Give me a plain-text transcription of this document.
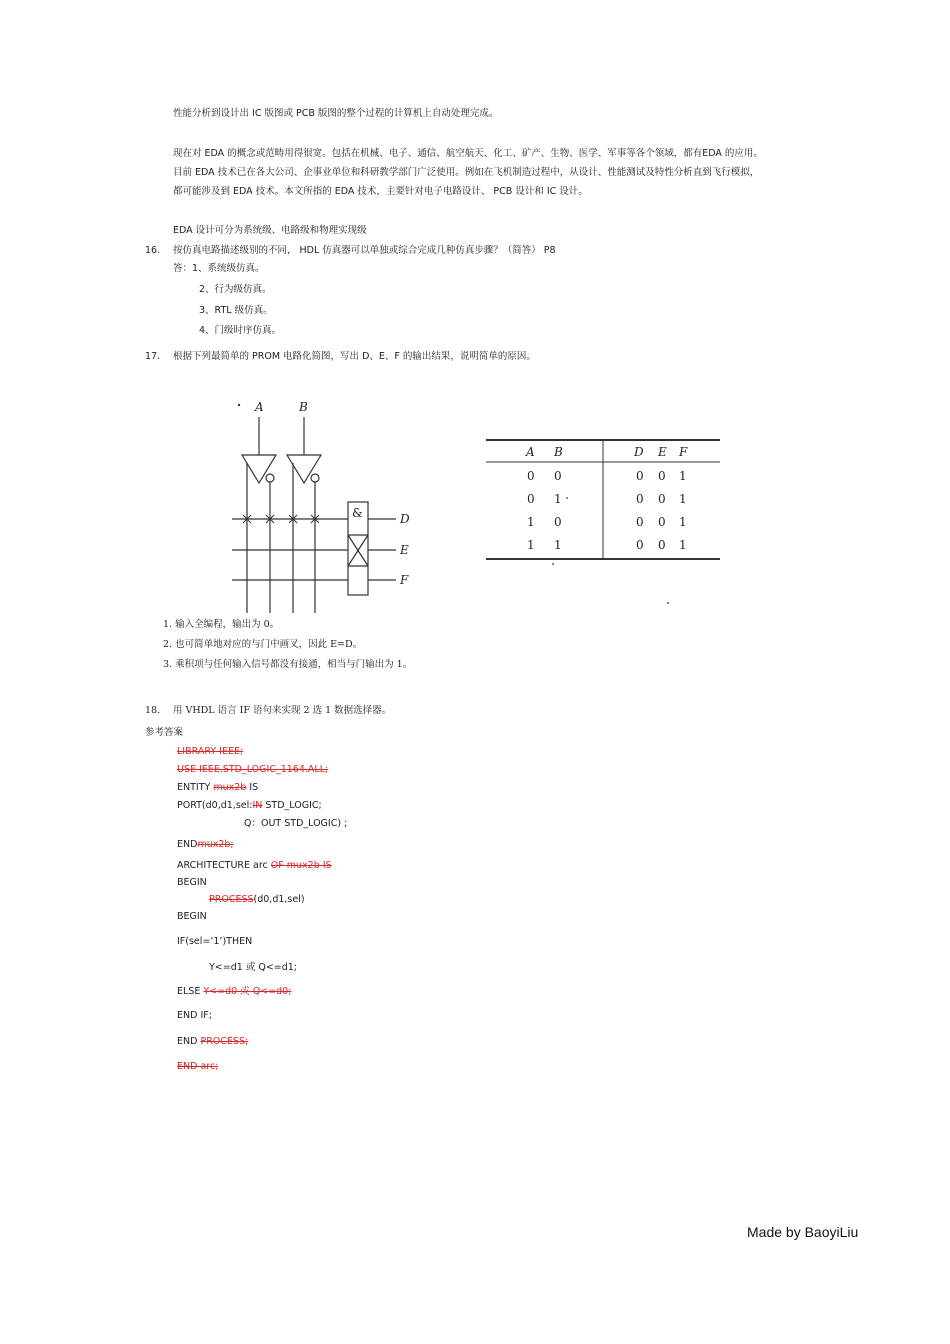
性能分析到设计出 IC 版图或 PCB 版图的整个过程的计算机上自动处理完成。
现在对 EDA 的概念或范畴用得很宽。包括在机械、电子、通信、航空航天、化工、矿产、生物、医学、军事等各个领域，都有EDA 的应用。
目前 EDA 技术已在各大公司、企事业单位和科研教学部门广泛使用。例如在飞机制造过程中，从设计、性能测试及特性分析直到飞行模拟，
都可能涉及到 EDA 技术。本文所指的 EDA 技术，主要针对电子电路设计、 PCB 设计和 IC 设计。
EDA 设计可分为系统级、电路级和物理实现级
16. 按仿真电路描述级别的不同， HDL 仿真器可以单独或综合完成几种仿真步骤？（简答） P8
答：1、系统级仿真。
2、行为级仿真。
3、RTL 级仿真。
4、门级时序仿真。
17. 根据下列最简单的 PROM 电路化简图，写出 D、E、F 的输出结果，说明简单的原因。
A	B
&	D
E
F
A B	D E F
0 0	0 0 1
0 1	0 0 1
1 0	0 0 1
1 1	0 0 1
1. 输入全编程，输出为 0。
2. 也可简单地对应的与门中画叉，因此 E=D。
3. 乘积项与任何输入信号都没有接通，相当与门输出为 1。
18. 用 VHDL 语言 IF 语句来实现 2 选 1 数据选择器。
参考答案
LIBRARY IEEE;
USE IEEE.STD_LOGIC_1164.ALL;
ENTITY mux2b IS
PORT(d0,d1,sel:IN STD_LOGIC;
Q：OUT STD_LOGIC) ;
ENDmux2b;
ARCHITECTURE arc OF mux2b IS
BEGIN
PROCESS(d0,d1,sel)
BEGIN
IF(sel=‘1’)THEN
Y<=d1 或 Q<=d1;
ELSE Y<=d0 或 Q<=d0;
END IF;
END PROCESS;
END arc;
Made by BaoyiLiu
